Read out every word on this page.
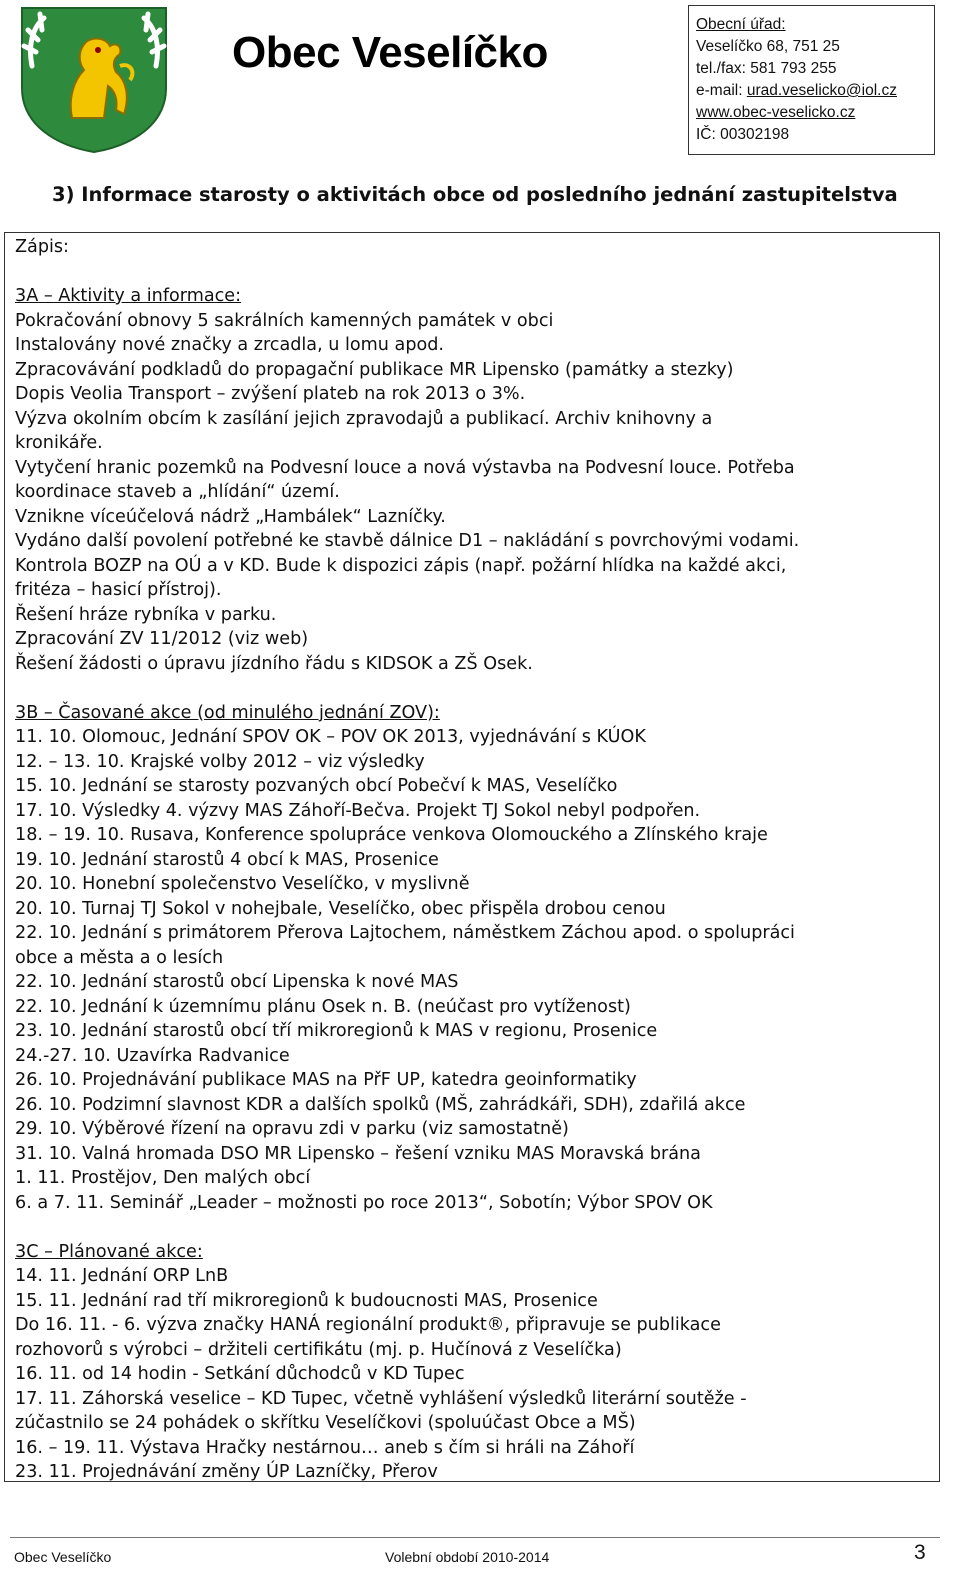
Obec Veselíčko
Obecní úřad:
Veselíčko 68, 751 25
tel./fax: 581 793 255
e-mail: urad.veselicko@iol.cz
www.obec-veselicko.cz
IČ: 00302198
3) Informace starosty o aktivitách obce od posledního jednání zastupitelstva
Zápis:
3A – Aktivity a informace:
Pokračování obnovy 5 sakrálních kamenných památek v obci
Instalovány nové značky a zrcadla, u lomu apod.
Zpracovávání podkladů do propagační publikace MR Lipensko (památky a stezky)
Dopis Veolia Transport – zvýšení plateb na rok 2013 o 3%.
Výzva okolním obcím k zasílání jejich zpravodajů a publikací. Archiv knihovny a
kronikáře.
Vytyčení hranic pozemků na Podvesní louce a nová výstavba na Podvesní louce. Potřeba
koordinace staveb a „hlídání“ území.
Vznikne víceúčelová nádrž „Hambálek“ Lazníčky.
Vydáno další povolení potřebné ke stavbě dálnice D1 – nakládání s povrchovými vodami.
Kontrola BOZP na OÚ a v KD. Bude k dispozici zápis (např. požární hlídka na každé akci,
fritéza – hasicí přístroj).
Řešení hráze rybníka v parku.
Zpracování ZV 11/2012 (viz web)
Řešení žádosti o úpravu jízdního řádu s KIDSOK a ZŠ Osek.
3B – Časované akce (od minulého jednání ZOV):
11. 10. Olomouc, Jednání SPOV OK – POV OK 2013, vyjednávání s KÚOK
12. – 13. 10. Krajské volby 2012 – viz výsledky
15. 10. Jednání se starosty pozvaných obcí Pobečví k MAS, Veselíčko
17. 10. Výsledky 4. výzvy MAS Záhoří-Bečva. Projekt TJ Sokol nebyl podpořen.
18. – 19. 10. Rusava, Konference spolupráce venkova Olomouckého a Zlínského kraje
19. 10. Jednání starostů 4 obcí k MAS, Prosenice
20. 10. Honební společenstvo Veselíčko, v myslivně
20. 10. Turnaj TJ Sokol v nohejbale, Veselíčko, obec přispěla drobou cenou
22. 10. Jednání s primátorem Přerova Lajtochem, náměstkem Záchou apod. o spolupráci
obce a města a o lesích
22. 10. Jednání starostů obcí Lipenska k nové MAS
22. 10. Jednání k územnímu plánu Osek n. B. (neúčast pro vytíženost)
23. 10. Jednání starostů obcí tří mikroregionů k MAS v regionu, Prosenice
24.-27. 10. Uzavírka Radvanice
26. 10. Projednávání publikace MAS na PřF UP, katedra geoinformatiky
26. 10. Podzimní slavnost KDR a dalších spolků (MŠ, zahrádkáři, SDH), zdařilá akce
29. 10. Výběrové řízení na opravu zdi v parku (viz samostatně)
31. 10. Valná hromada DSO MR Lipensko – řešení vzniku MAS Moravská brána
1. 11. Prostějov, Den malých obcí
6. a 7. 11. Seminář „Leader – možnosti po roce 2013“, Sobotín; Výbor SPOV OK
3C – Plánované akce:
14. 11. Jednání ORP LnB
15. 11. Jednání rad tří mikroregionů k budoucnosti MAS, Prosenice
Do 16. 11. - 6. výzva značky HANÁ regionální produkt®, připravuje se publikace
rozhovorů s výrobci – držiteli certifikátu (mj. p. Hučínová z Veselíčka)
16. 11. od 14 hodin - Setkání důchodců v KD Tupec
17. 11. Záhorská veselice – KD Tupec, včetně vyhlášení výsledků literární soutěže -
zúčastnilo se 24 pohádek o skřítku Veselíčkovi (spoluúčast Obce a MŠ)
16. – 19. 11. Výstava Hračky nestárnou… aneb s čím si hráli na Záhoří
23. 11. Projednávání změny ÚP Lazníčky, Přerov
Obec Veselíčko	Volební období 2010-2014	3
